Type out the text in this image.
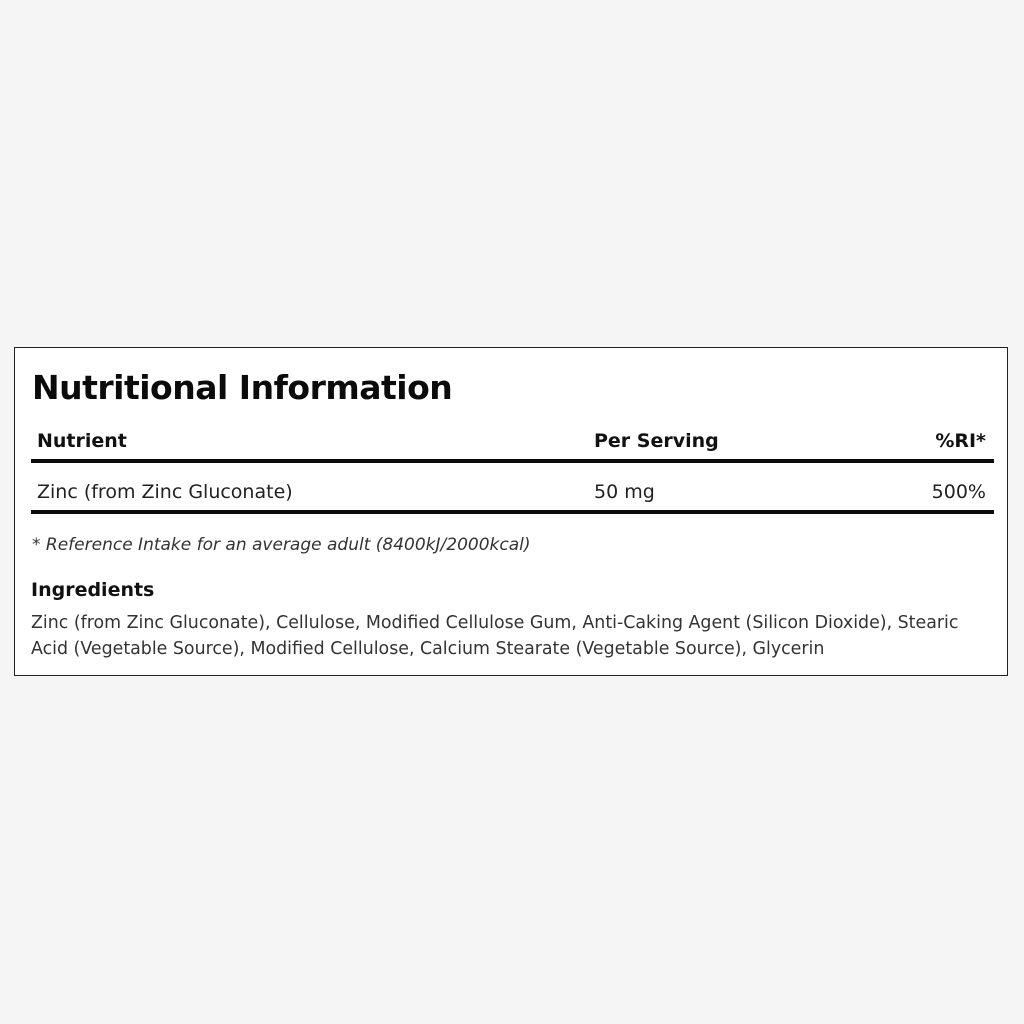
Nutritional Information
Nutrient	Per Serving	%RI*
Zinc (from Zinc Gluconate)	50 mg	500%
* Reference Intake for an average adult (8400kJ/2000kcal)
Ingredients
Zinc (from Zinc Gluconate), Cellulose, Modified Cellulose Gum, Anti-Caking Agent (Silicon Dioxide), Stearic Acid (Vegetable Source), Modified Cellulose, Calcium Stearate (Vegetable Source), Glycerin
